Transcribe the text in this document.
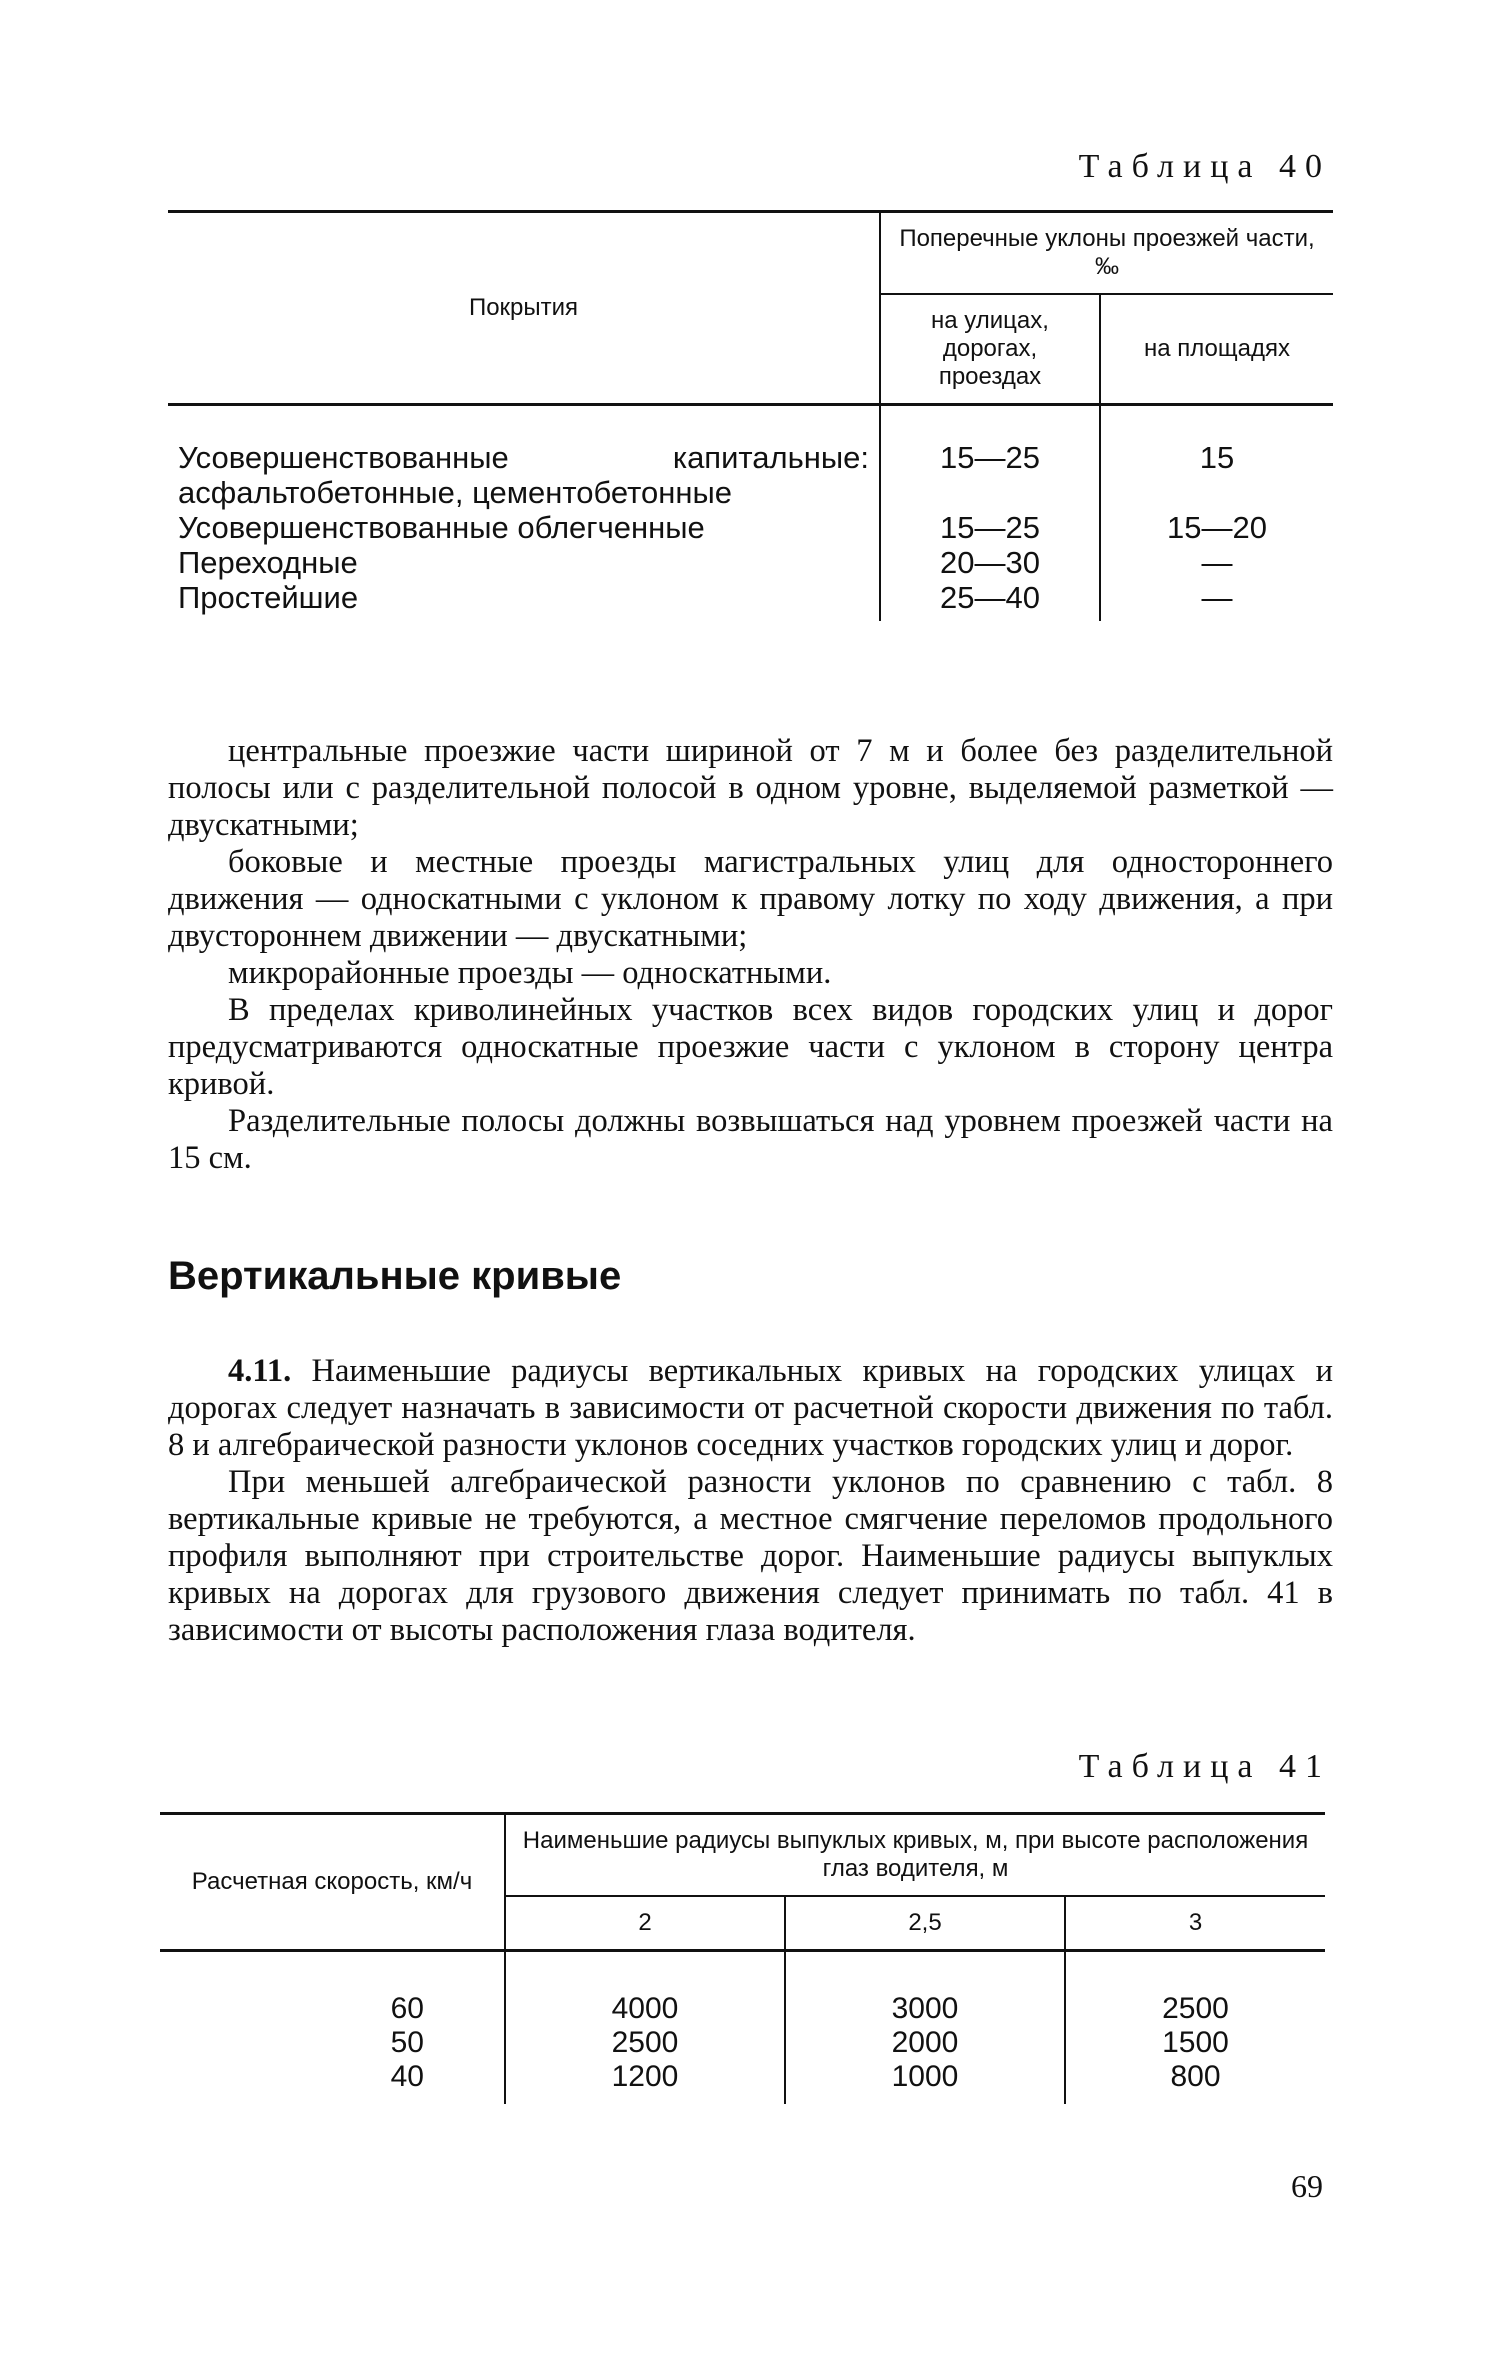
Таблица 40
Покрытия	Поперечные уклоны проезжей части, ‰	
	на улицах, дорогах, проездах	на площадях
Усовершенствованные капитальные: асфальтобетонные, цементобетонные	15—25	15
Усовершенствованные облегченные	15—25	15—20
Переходные	20—30	—
Простейшие	25—40	—

центральные проезжие части шириной от 7 м и более без разделительной полосы или с разделительной полосой в одном уровне, выделяемой разметкой — двускатными;

боковые и местные проезды магистральных улиц для одностороннего движения — односкатными с уклоном к правому лотку по ходу движения, а при двустороннем движении — двускатными;

микрорайонные проезды — односкатными.

В пределах криволинейных участков всех видов городских улиц и дорог предусматриваются односкатные проезжие части с уклоном в сторону центра кривой.

Разделительные полосы должны возвышаться над уровнем проезжей части на 15 см.

Вертикальные кривые

4.11. Наименьшие радиусы вертикальных кривых на городских улицах и дорогах следует назначать в зависимости от расчетной скорости движения по табл. 8 и алгебраической разности уклонов соседних участков городских улиц и дорог.

При меньшей алгебраической разности уклонов по сравнению с табл. 8 вертикальные кривые не требуются, а местное смягчение переломов продольного профиля выполняют при строительстве дорог. Наименьшие радиусы выпуклых кривых на дорогах для грузового движения следует принимать по табл. 41 в зависимости от высоты расположения глаза водителя.

Таблица 41
Расчетная скорость, км/ч	Наименьшие радиусы выпуклых кривых, м, при высоте расположения глаз водителя, м		
	2	2,5	3
60	4000	3000	2500
50	2500	2000	1500
40	1200	1000	800
69
